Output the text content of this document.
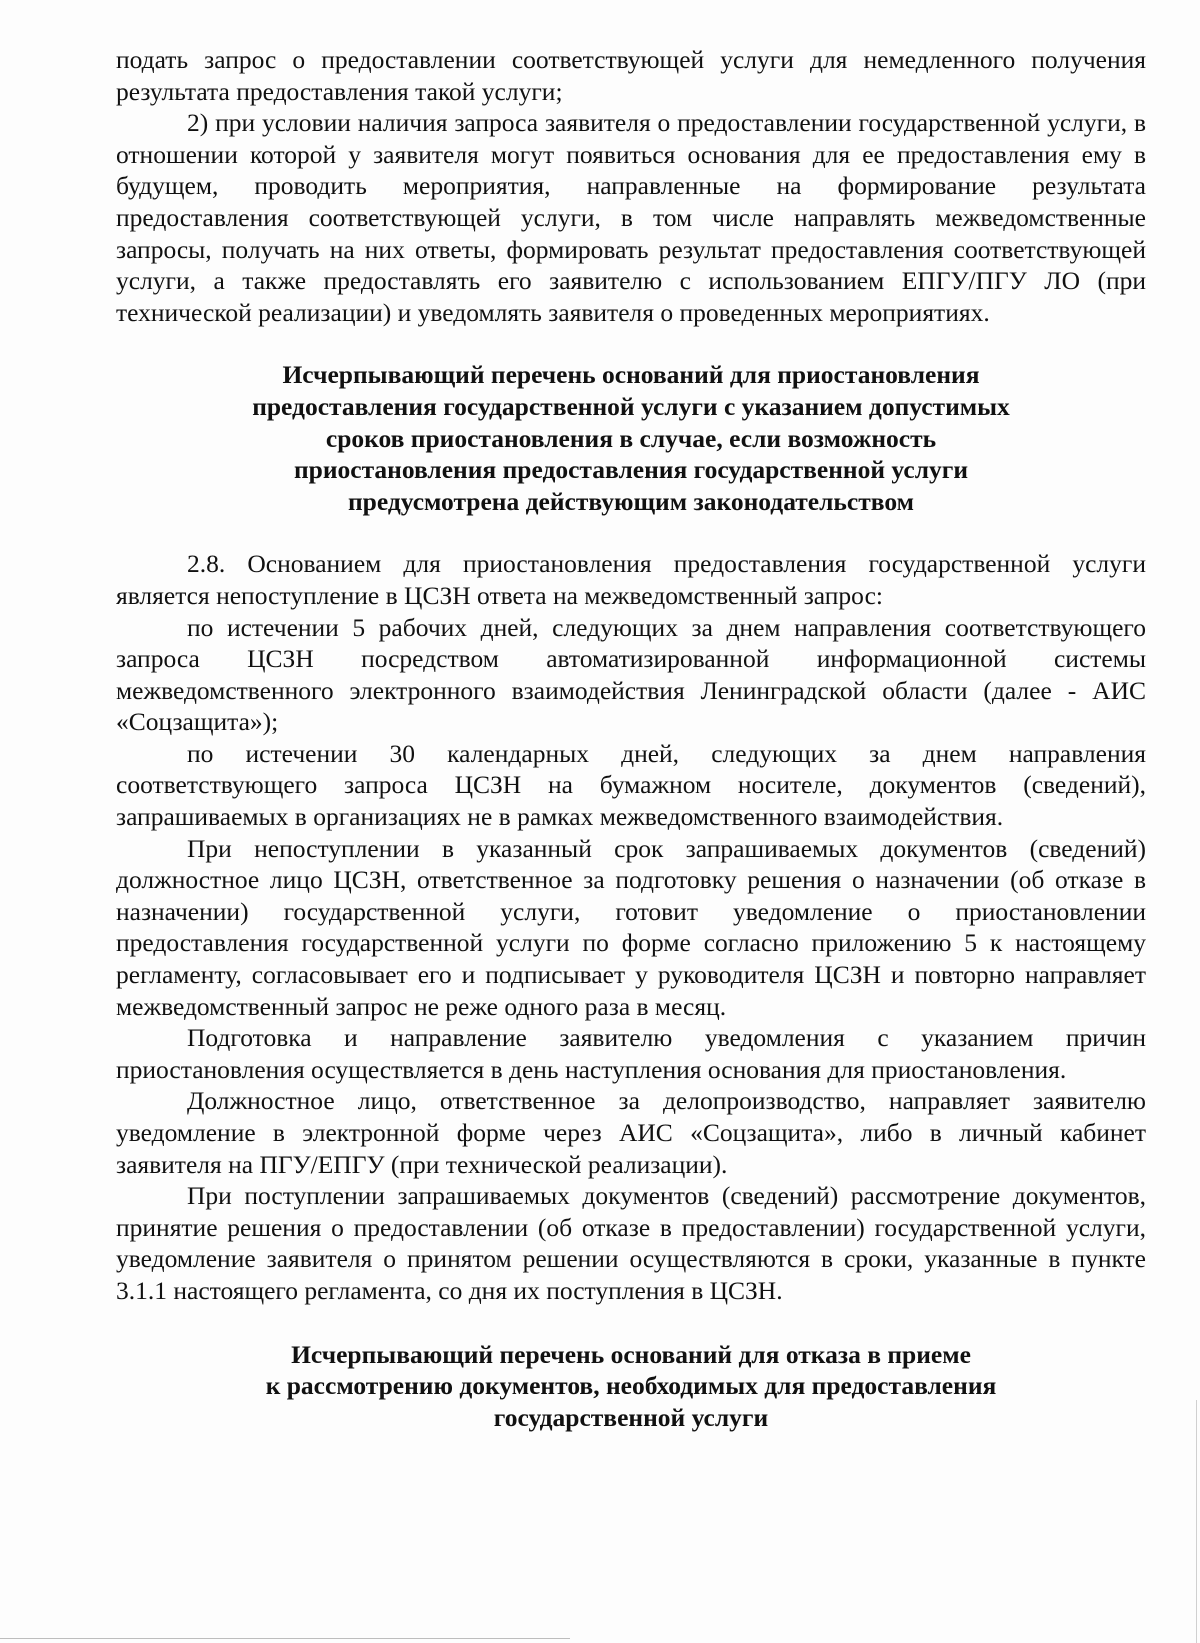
подать запрос о предоставлении соответствующей услуги для немедленного получения результата предоставления такой услуги;

2) при условии наличия запроса заявителя о предоставлении государственной услуги, в отношении которой у заявителя могут появиться основания для ее предоставления ему в будущем, проводить мероприятия, направленные на формирование результата предоставления соответствующей услуги, в том числе направлять межведомственные запросы, получать на них ответы, формировать результат предоставления соответствующей услуги, а также предоставлять его заявителю с использованием ЕПГУ/ПГУ ЛО (при технической реализации) и уведомлять заявителя о проведенных мероприятиях.

Исчерпывающий перечень оснований для приостановления
предоставления государственной услуги с указанием допустимых
сроков приостановления в случае, если возможность
приостановления предоставления государственной услуги
предусмотрена действующим законодательством

2.8. Основанием для приостановления предоставления государственной услуги является непоступление в ЦСЗН ответа на межведомственный запрос:

по истечении 5 рабочих дней, следующих за днем направления соответствующего запроса ЦСЗН посредством автоматизированной информационной системы межведомственного электронного взаимодействия Ленинградской области (далее - АИС «Соцзащита»);

по истечении 30 календарных дней, следующих за днем направления соответствующего запроса ЦСЗН на бумажном носителе, документов (сведений), запрашиваемых в организациях не в рамках межведомственного взаимодействия.

При непоступлении в указанный срок запрашиваемых документов (сведений) должностное лицо ЦСЗН, ответственное за подготовку решения о назначении (об отказе в назначении) государственной услуги, готовит уведомление о приостановлении предоставления государственной услуги по форме согласно приложению 5 к настоящему регламенту, согласовывает его и подписывает у руководителя ЦСЗН и повторно направляет межведомственный запрос не реже одного раза в месяц.

Подготовка и направление заявителю уведомления с указанием причин приостановления осуществляется в день наступления основания для приостановления.

Должностное лицо, ответственное за делопроизводство, направляет заявителю уведомление в электронной форме через АИС «Соцзащита», либо в личный кабинет заявителя на ПГУ/ЕПГУ (при технической реализации).

При поступлении запрашиваемых документов (сведений) рассмотрение документов, принятие решения о предоставлении (об отказе в предоставлении) государственной услуги, уведомление заявителя о принятом решении осуществляются в сроки, указанные в пункте 3.1.1 настоящего регламента, со дня их поступления в ЦСЗН.

Исчерпывающий перечень оснований для отказа в приеме
к рассмотрению документов, необходимых для предоставления
государственной услуги
